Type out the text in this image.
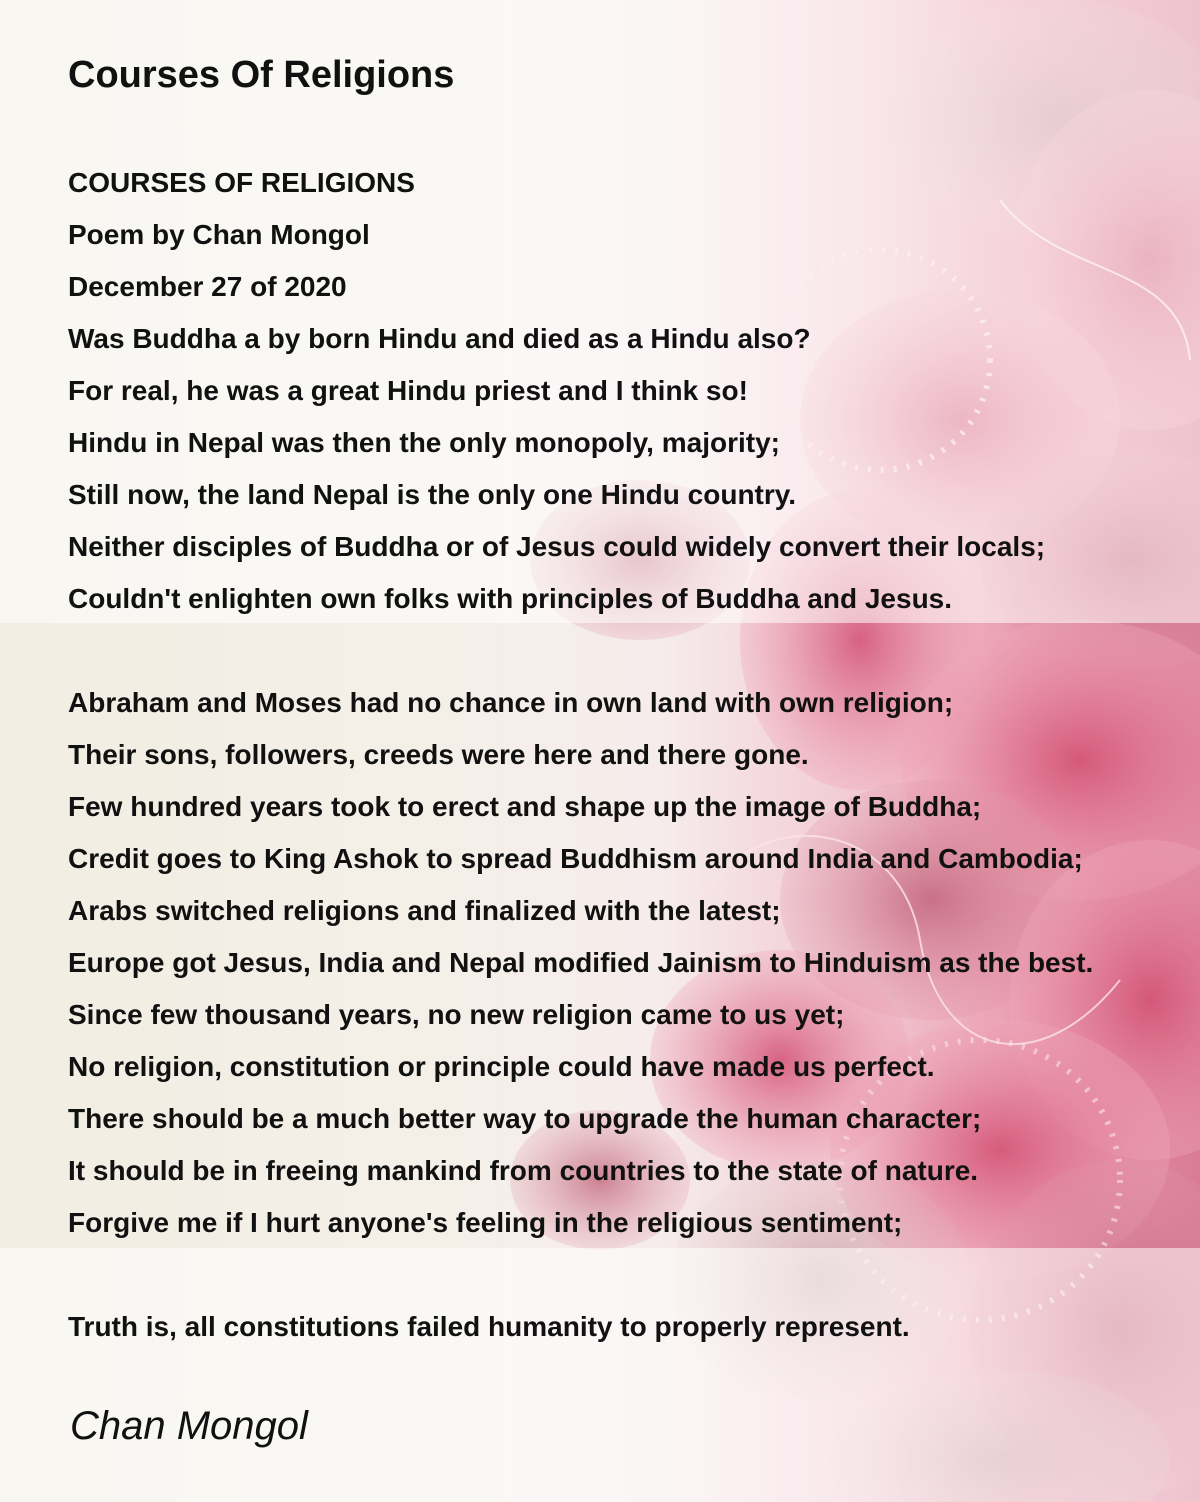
Courses Of Religions
COURSES OF RELIGIONS
Poem by Chan Mongol
December 27 of 2020
Was Buddha a by born Hindu and died as a Hindu also?
For real, he was a great Hindu priest and I think so!
Hindu in Nepal was then the only monopoly, majority;
Still now, the land Nepal is the only one Hindu country.
Neither disciples of Buddha or of Jesus could widely convert their locals;
Couldn't enlighten own folks with principles of Buddha and Jesus.
Abraham and Moses had no chance in own land with own religion;
Their sons, followers, creeds were here and there gone.
Few hundred years took to erect and shape up the image of Buddha;
Credit goes to King Ashok to spread Buddhism around India and Cambodia;
Arabs switched religions and finalized with the latest;
Europe got Jesus, India and Nepal modified Jainism to Hinduism as the best.
Since few thousand years, no new religion came to us yet;
No religion, constitution or principle could have made us perfect.
There should be a much better way to upgrade the human character;
It should be in freeing mankind from countries to the state of nature.
Forgive me if I hurt anyone's feeling in the religious sentiment;
Truth is, all constitutions failed humanity to properly represent.
Chan Mongol
